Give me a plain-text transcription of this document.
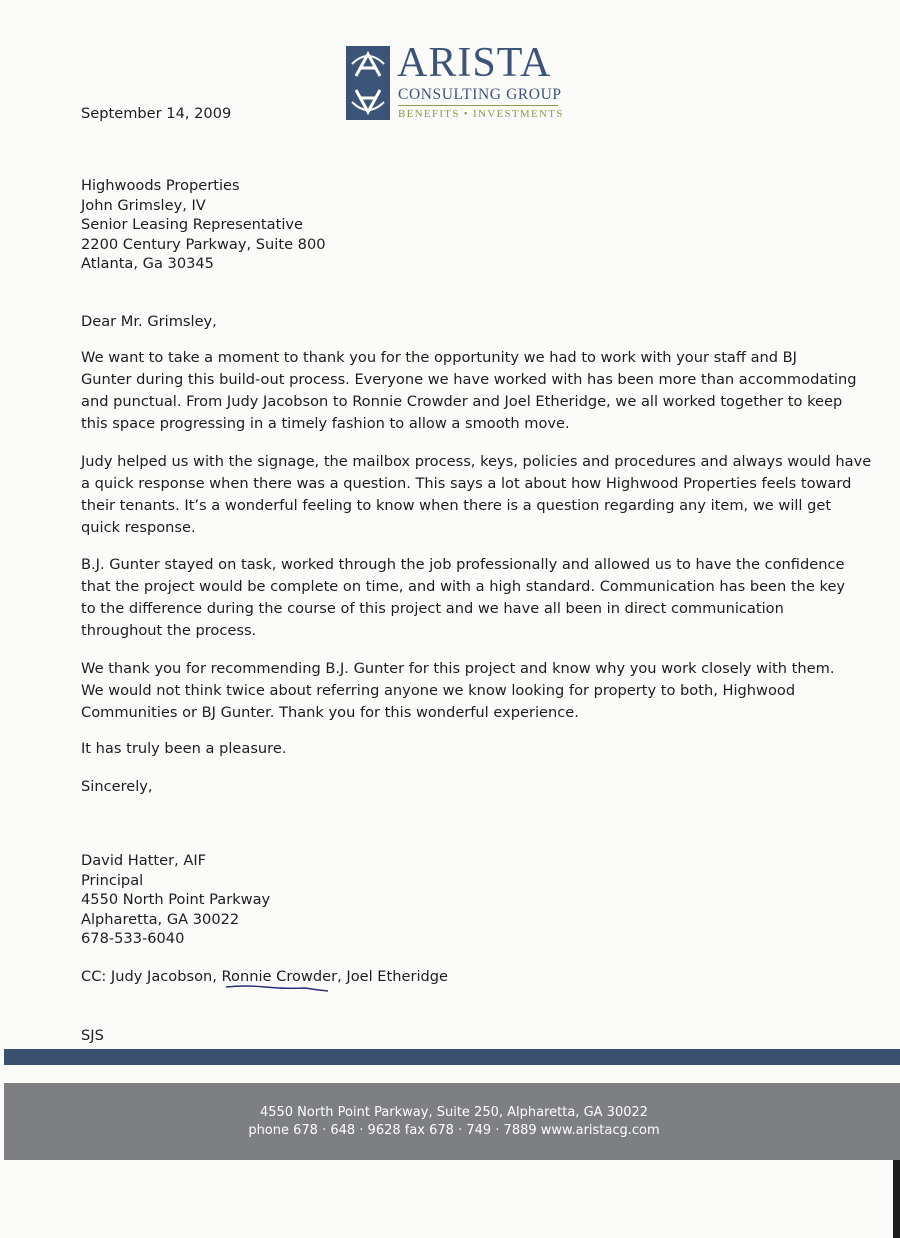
ARISTA
CONSULTING GROUP
BENEFITS • INVESTMENTS
September 14, 2009
Highwoods Properties
John Grimsley, IV
Senior Leasing Representative
2200 Century Parkway, Suite 800
Atlanta, Ga 30345
Dear Mr. Grimsley,
We want to take a moment to thank you for the opportunity we had to work with your staff and BJ
Gunter during this build-out process. Everyone we have worked with has been more than accommodating
and punctual. From Judy Jacobson to Ronnie Crowder and Joel Etheridge, we all worked together to keep
this space progressing in a timely fashion to allow a smooth move.
Judy helped us with the signage, the mailbox process, keys, policies and procedures and always would have
a quick response when there was a question. This says a lot about how Highwood Properties feels toward
their tenants. It’s a wonderful feeling to know when there is a question regarding any item, we will get
quick response.
B.J. Gunter stayed on task, worked through the job professionally and allowed us to have the confidence
that the project would be complete on time, and with a high standard. Communication has been the key
to the difference during the course of this project and we have all been in direct communication
throughout the process.
We thank you for recommending B.J. Gunter for this project and know why you work closely with them.
We would not think twice about referring anyone we know looking for property to both, Highwood
Communities or BJ Gunter. Thank you for this wonderful experience.
It has truly been a pleasure.
Sincerely,
David Hatter, AIF
Principal
4550 North Point Parkway
Alpharetta, GA 30022
678-533-6040
CC: Judy Jacobson, Ronnie Crowder, Joel Etheridge
SJS
4550 North Point Parkway, Suite 250, Alpharetta, GA 30022
phone 678 · 648 · 9628 fax 678 · 749 · 7889 www.aristacg.com
